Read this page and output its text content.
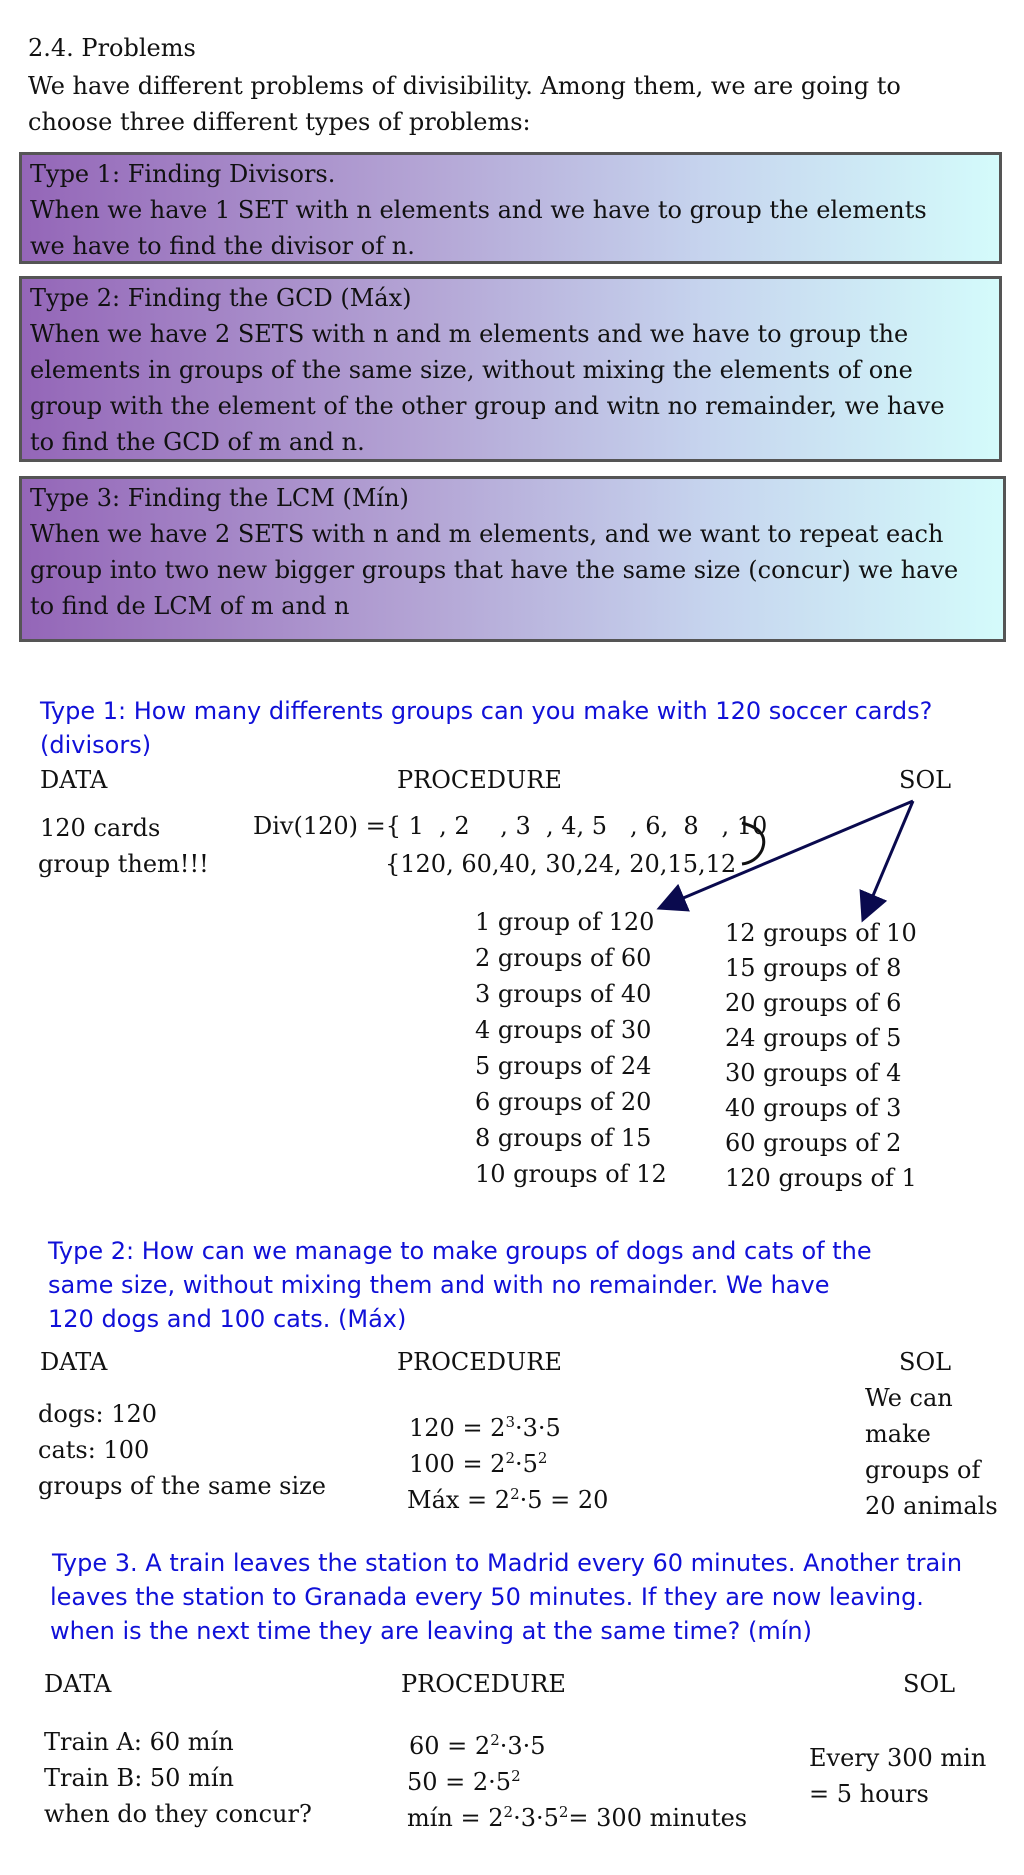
2.4. Problems
We have different problems of divisibility. Among them, we are going to
choose three different types of problems:
Type 1: Finding Divisors.
When we have 1 SET with n elements and we have to group the elements
we have to find the divisor of n.
Type 2: Finding the GCD (Máx)
When we have 2 SETS with n and m elements and we have to group the
elements in groups of the same size, without mixing the elements of one
group with the element of the other group and witn no remainder, we have
to find the GCD of m and n.
Type 3: Finding the LCM (Mín)
When we have 2 SETS with n and m elements, and we want to repeat each
group into two new bigger groups that have the same size (concur) we have
to find de LCM of m and n
Type 1: How many differents groups can you make with 120 soccer cards?
(divisors)
DATA	PROCEDURE	SOL
120 cards
group them!!!
Div(120) ={ 1  , 2    , 3  , 4, 5   , 6,  8   , 10
{120, 60,40, 30,24, 20,15,12
1 group of 120
2 groups of 60
3 groups of 40
4 groups of 30
5 groups of 24
6 groups of 20
8 groups of 15
10 groups of 12
12 groups of 10
15 groups of 8
20 groups of 6
24 groups of 5
30 groups of 4
40 groups of 3
60 groups of 2
120 groups of 1
Type 2: How can we manage to make groups of dogs and cats of the
same size, without mixing them and with no remainder. We have
120 dogs and 100 cats. (Máx)
DATA	PROCEDURE	SOL
dogs: 120
cats: 100
groups of the same size
$120 = 2^3\cdot 3\cdot 5$
$100 = 2^2\cdot 5^2$
Máx = $2^2\cdot 5 = 20$
We can
make
groups of
20 animals
Type 3. A train leaves the station to Madrid every 60 minutes. Another train
leaves the station to Granada every 50 minutes. If they are now leaving.
when is the next time they are leaving at the same time? (mín)
DATA	PROCEDURE	SOL
Train A: 60 mín
Train B: 50 mín
when do they concur?
$60 = 2^2\cdot 3\cdot 5$
$50 = 2\cdot 5^2$
mín = $2^2\cdot 3\cdot 5^2= 300$ minutes
Every 300 min
= 5 hours
